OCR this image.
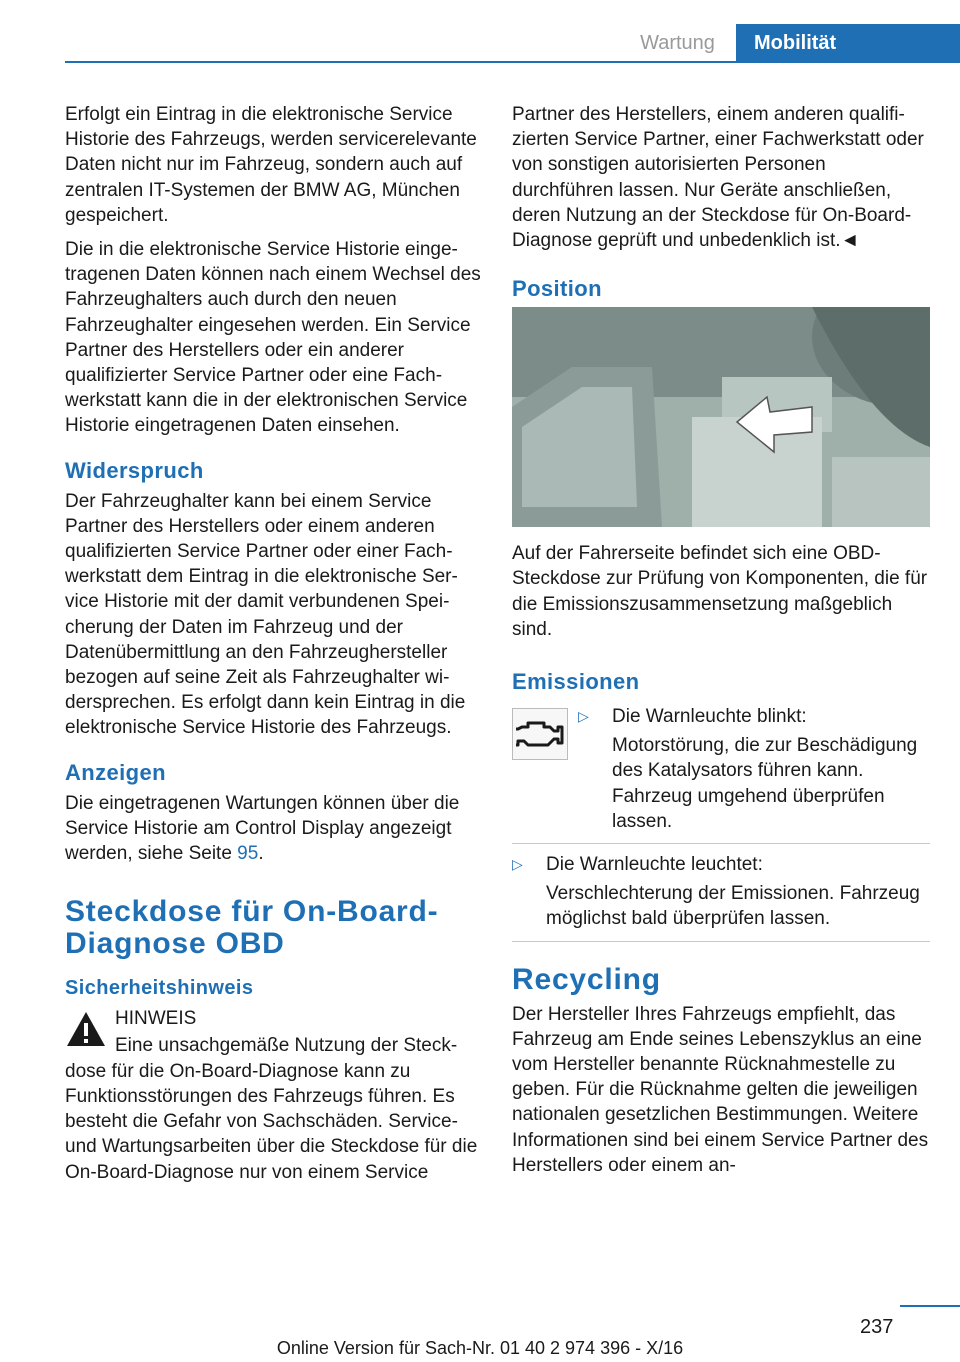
Wartung	Mobilität

Erfolgt ein Eintrag in die elektronische Service Historie des Fahrzeugs, werden servicerelevante Daten nicht nur im Fahrzeug, sondern auch auf zentralen IT-Systemen der BMW AG, München gespeichert.

Die in die elektronische Service Historie eingetragenen Daten können nach einem Wechsel des Fahrzeughalters auch durch den neuen Fahrzeughalter eingesehen werden. Ein Service Partner des Herstellers oder ein anderer qualifizierter Service Partner oder eine Fachwerkstatt kann die in der elektronischen Service Historie eingetragenen Daten einsehen.

Widerspruch

Der Fahrzeughalter kann bei einem Service Partner des Herstellers oder einem anderen qualifizierten Service Partner oder einer Fachwerkstatt dem Eintrag in die elektronische Service Historie mit der damit verbundenen Speicherung der Daten im Fahrzeug und der Datenübermittlung an den Fahrzeughersteller bezogen auf seine Zeit als Fahrzeughalter widersprechen. Es erfolgt dann kein Eintrag in die elektronische Service Historie des Fahrzeugs.

Anzeigen

Die eingetragenen Wartungen können über die Service Historie am Control Display angezeigt werden, siehe Seite 95.

Steckdose für On-Board-Diagnose OBD
Sicherheitshinweis

HINWEIS

Eine unsachgemäße Nutzung der Steckdose für die On-Board-Diagnose kann zu Funktionsstörungen des Fahrzeugs führen. Es besteht die Gefahr von Sachschäden. Service- und Wartungsarbeiten über die Steckdose für die On-Board-Diagnose nur von einem Service

Partner des Herstellers, einem anderen qualifizierten Service Partner, einer Fachwerkstatt oder von sonstigen autorisierten Personen durchführen lassen. Nur Geräte anschließen, deren Nutzung an der Steckdose für On-Board-Diagnose geprüft und unbedenklich ist.◄

Position

Auf der Fahrerseite befindet sich eine OBD-Steckdose zur Prüfung von Komponenten, die für die Emissionszusammensetzung maßgeblich sind.

Emissionen
▷ Die Warnleuchte blinkt:

Motorstörung, die zur Beschädigung des Katalysators führen kann. Fahrzeug umgehend überprüfen lassen.

▷ Die Warnleuchte leuchtet:

Verschlechterung der Emissionen. Fahrzeug möglichst bald überprüfen lassen.

Recycling

Der Hersteller Ihres Fahrzeugs empfiehlt, das Fahrzeug am Ende seines Lebenszyklus an eine vom Hersteller benannte Rücknahmestelle zu geben. Für die Rücknahme gelten die jeweiligen nationalen gesetzlichen Bestimmungen. Weitere Informationen sind bei einem Service Partner des Herstellers oder einem an-

237
Online Version für Sach-Nr. 01 40 2 974 396 - X/16
